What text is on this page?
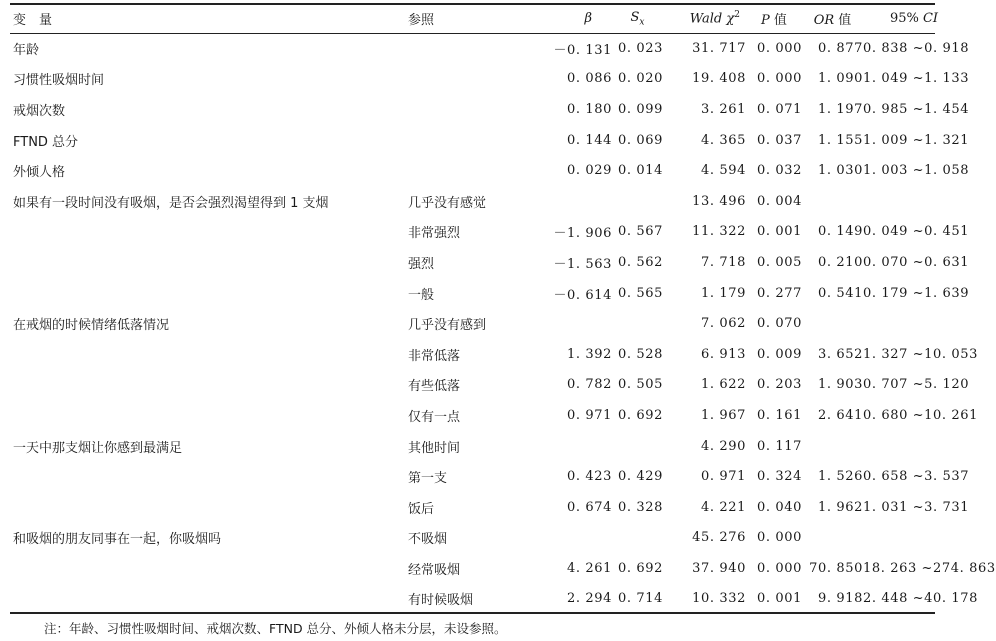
变　量	参照	β	$S_x$	Wald $\chi^2$	P 值	OR 值	95% CI
年龄		－0. 131	0. 023	31. 717	0. 000	0. 877	0. 838 ~0. 918
习惯性吸烟时间		0. 086	0. 020	19. 408	0. 000	1. 090	1. 049 ~1. 133
戒烟次数		0. 180	0. 099	3. 261	0. 071	1. 197	0. 985 ~1. 454
FTND 总分		0. 144	0. 069	4. 365	0. 037	1. 155	1. 009 ~1. 321
外倾人格		0. 029	0. 014	4. 594	0. 032	1. 030	1. 003 ~1. 058
如果有一段时间没有吸烟，是否会强烈渴望得到 1 支烟	几乎没有感觉			13. 496	0. 004		
	非常强烈	－1. 906	0. 567	11. 322	0. 001	0. 149	0. 049 ~0. 451
	强烈	－1. 563	0. 562	7. 718	0. 005	0. 210	0. 070 ~0. 631
	一般	－0. 614	0. 565	1. 179	0. 277	0. 541	0. 179 ~1. 639
在戒烟的时候情绪低落情况	几乎没有感到			7. 062	0. 070		
	非常低落	1. 392	0. 528	6. 913	0. 009	3. 652	1. 327 ~10. 053
	有些低落	0. 782	0. 505	1. 622	0. 203	1. 903	0. 707 ~5. 120
	仅有一点	0. 971	0. 692	1. 967	0. 161	2. 641	0. 680 ~10. 261
一天中那支烟让你感到最满足	其他时间			4. 290	0. 117		
	第一支	0. 423	0. 429	0. 971	0. 324	1. 526	0. 658 ~3. 537
	饭后	0. 674	0. 328	4. 221	0. 040	1. 962	1. 031 ~3. 731
和吸烟的朋友同事在一起，你吸烟吗	不吸烟			45. 276	0. 000		
	经常吸烟	4. 261	0. 692	37. 940	0. 000	70. 850	18. 263 ~274. 863
	有时候吸烟	2. 294	0. 714	10. 332	0. 001	9. 918	2. 448 ~40. 178
注：年龄、习惯性吸烟时间、戒烟次数、FTND 总分、外倾人格未分层，未设参照。
